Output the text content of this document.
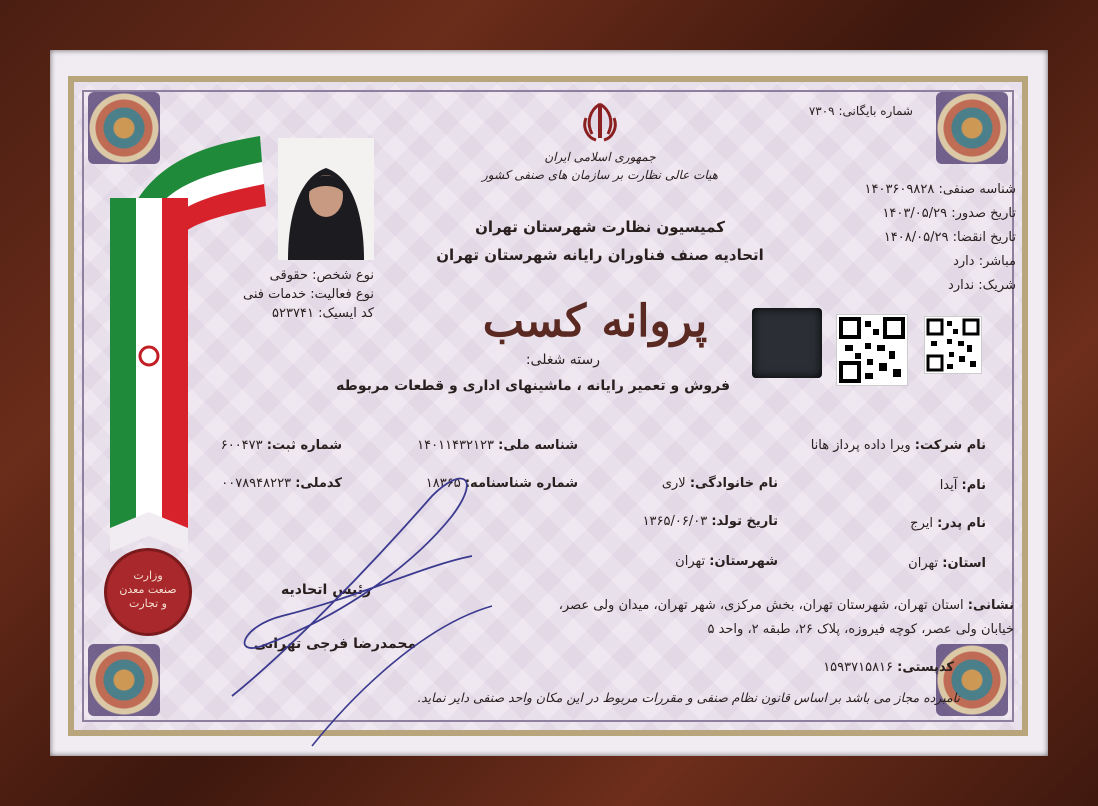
شماره بایگانی: ۷۳۰۹
جمهوری اسلامی ایران
هیات عالی نظارت بر سازمان های صنفی کشور
کمیسیون نظارت شهرستان تهران
اتحادیه صنف فناوران رایانه شهرستان تهران
پروانه کسب
رسته شغلی:
فروش و تعمیر رایانه ، ماشینهای اداری و قطعات مربوطه
شناسه صنفی: ۱۴۰۳۶۰۹۸۲۸
تاریخ صدور: ۱۴۰۳/۰۵/۲۹
تاریخ انقضا: ۱۴۰۸/۰۵/۲۹
مباشر: دارد
شریک: ندارد
نوع شخص: حقوقی
نوع فعالیت: خدمات فنی
کد ایسیک: ۵۲۳۷۴۱
نام شرکت: ویرا داده پرداز هانا
شناسه ملی: ۱۴۰۱۱۴۳۲۱۲۳
شماره ثبت: ۶۰۰۴۷۳
نام: آیدا
نام خانوادگی: لاری
شماره شناسنامه: ۱۸۳۶۵
کدملی: ۰۰۷۸۹۴۸۲۲۳
نام پدر: ایرج
تاریخ تولد: ۱۳۶۵/۰۶/۰۳
استان: تهران
شهرستان: تهران
نشانی: استان تهران، شهرستان تهران، بخش مرکزی، شهر تهران، میدان ولی عصر،
خیابان ولی عصر، کوچه فیروزه، پلاک ۲۶، طبقه ۲، واحد ۵
کدپستی: ۱۵۹۳۷۱۵۸۱۶
رئیس اتحادیه
محمدرضا فرجی تهرانی
نامبرده مجاز می باشد بر اساس قانون نظام صنفی و مقررات مربوط در این مکان واحد صنفی دایر نماید.
وزارت
صنعت معدن
و تجارت
